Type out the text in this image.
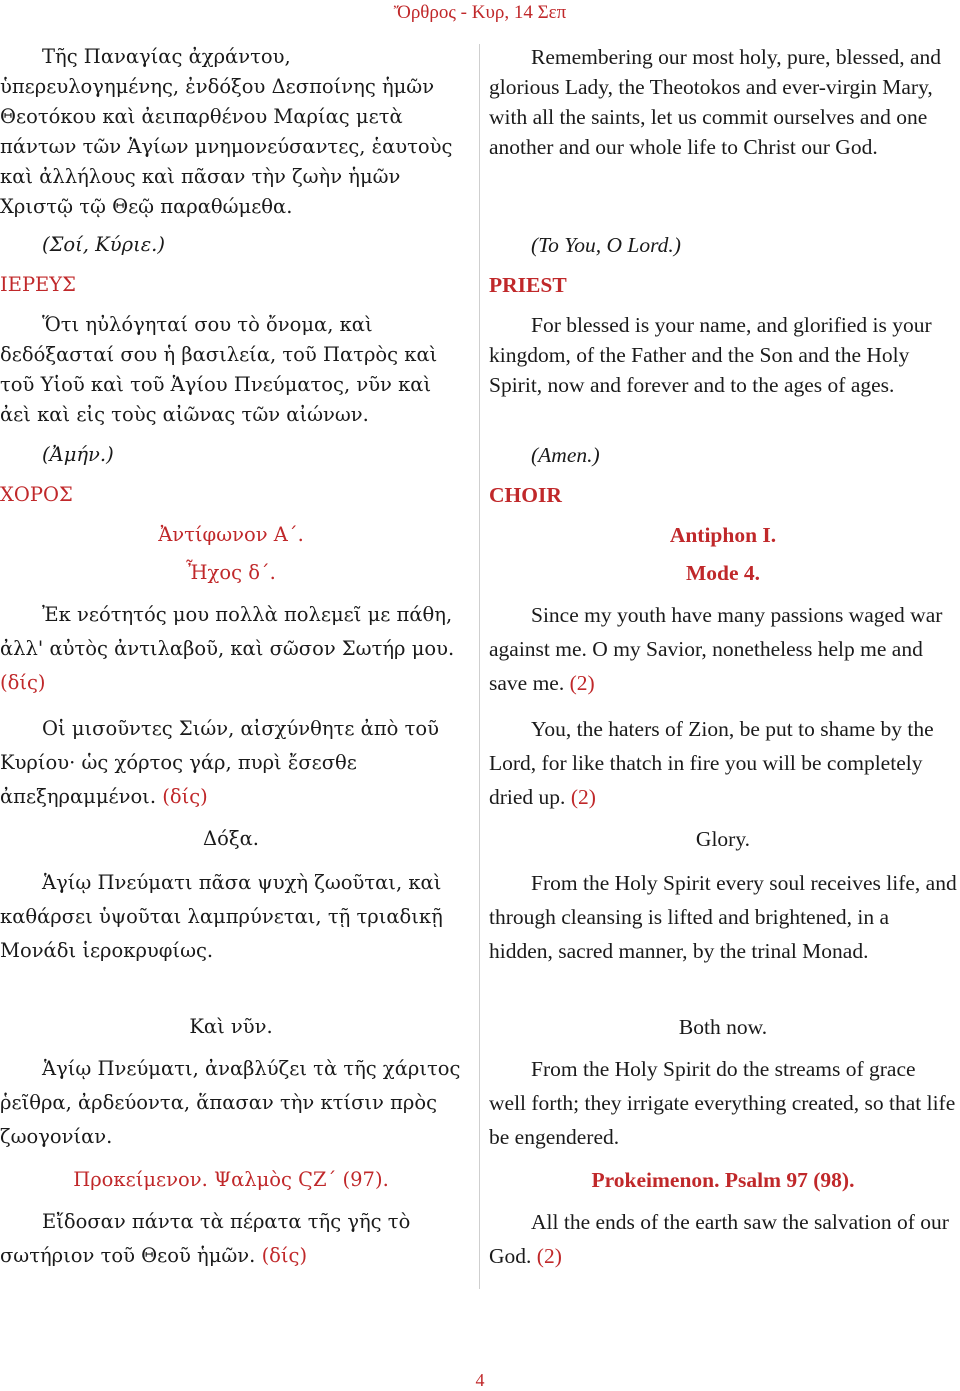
Ὄρθρος - Κυρ, 14 Σεπ

Τῆς Παναγίας ἀχράντου, ὑπερευλογημένης, ἐνδόξου Δεσποίνης ἡμῶν Θεοτόκου καὶ ἀειπαρθένου Μαρίας μετὰ πάντων τῶν Ἁγίων μνημονεύσαντες, ἑαυτοὺς καὶ ἀλλήλους καὶ πᾶσαν τὴν ζωὴν ἡμῶν Χριστῷ τῷ Θεῷ παραθώμεθα.

(Σοί, Κύριε.)

ΙΕΡΕΥΣ

Ὅτι ηὐλόγηταί σου τὸ ὄνομα, καὶ δεδόξασταί σου ἡ βασιλεία, τοῦ Πατρὸς καὶ τοῦ Υἱοῦ καὶ τοῦ Ἁγίου Πνεύματος, νῦν καὶ ἀεὶ καὶ εἰς τοὺς αἰῶνας τῶν αἰώνων.

(Ἀμήν.)

ΧΟΡΟΣ

Ἀντίφωνον Α΄.

Ἦχος δ΄.

Ἐκ νεότητός μου πολλὰ πολεμεῖ με πάθη, ἀλλ' αὐτὸς ἀντιλαβοῦ, καὶ σῶσον Σωτήρ μου. (δίς)

Οἱ μισοῦντες Σιών, αἰσχύνθητε ἀπὸ τοῦ Κυρίου· ὡς χόρτος γάρ, πυρὶ ἔσεσθε ἀπεξηραμμένοι. (δίς)

Δόξα.

Ἁγίῳ Πνεύματι πᾶσα ψυχὴ ζωοῦται, καὶ καθάρσει ὑψοῦται λαμπρύνεται, τῇ τριαδικῇ Μονάδι ἱεροκρυφίως.

Καὶ νῦν.

Ἁγίῳ Πνεύματι, ἀναβλύζει τὰ τῆς χάριτος ῥεῖθρα, ἀρδεύοντα, ἅπασαν τὴν κτίσιν πρὸς ζωογονίαν.

Προκείμενον. Ψαλμὸς ϚΖ΄ (97).

Εἴδοσαν πάντα τὰ πέρατα τῆς γῆς τὸ σωτήριον τοῦ Θεοῦ ἡμῶν. (δίς)

Remembering our most holy, pure, blessed, and glorious Lady, the Theotokos and ever-virgin Mary, with all the saints, let us commit ourselves and one another and our whole life to Christ our God.

(To You, O Lord.)

PRIEST

For blessed is your name, and glorified is your kingdom, of the Father and the Son and the Holy Spirit, now and forever and to the ages of ages.

(Amen.)

CHOIR

Antiphon I.

Mode 4.

Since my youth have many passions waged war against me. O my Savior, nonetheless help me and save me. (2)

You, the haters of Zion, be put to shame by the Lord, for like thatch in fire you will be completely dried up. (2)

Glory.

From the Holy Spirit every soul receives life, and through cleansing is lifted and brightened, in a hidden, sacred manner, by the trinal Monad.

Both now.

From the Holy Spirit do the streams of grace well forth; they irrigate everything created, so that life be engendered.

Prokeimenon. Psalm 97 (98).

All the ends of the earth saw the salvation of our God. (2)

4
